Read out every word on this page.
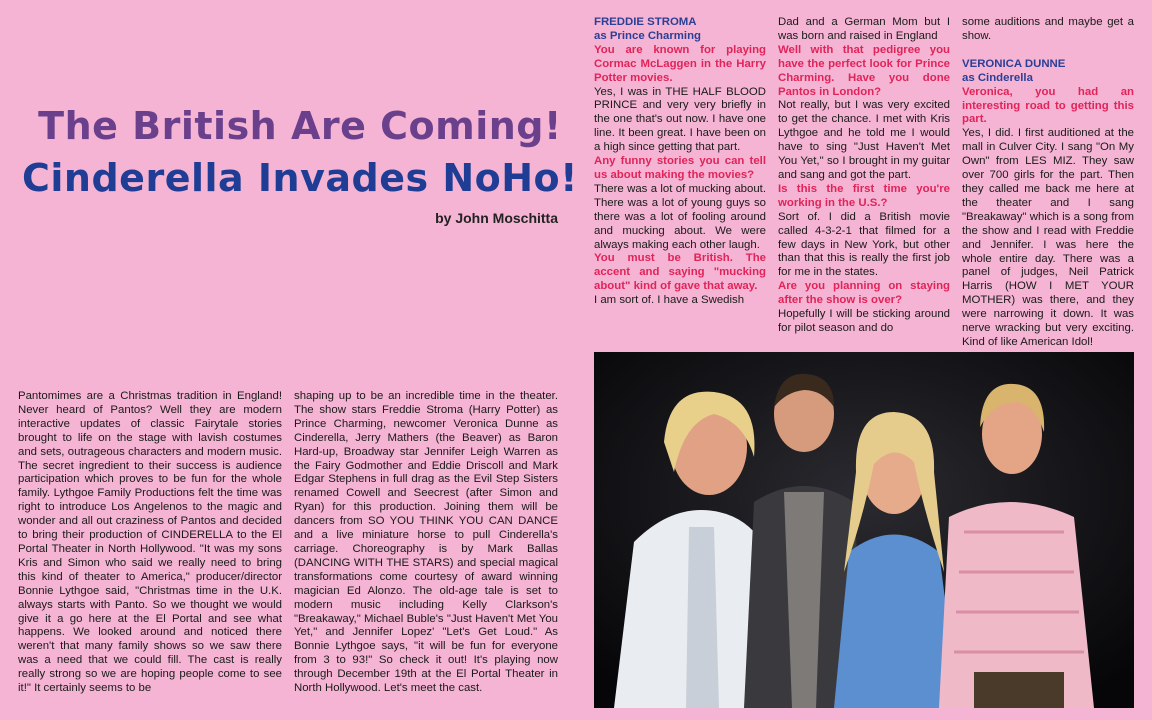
The British Are Coming!
Cinderella Invades NoHo!
by John Moschitta

Pantomimes are a Christmas tradition in England! Never heard of Pantos? Well they are modern interactive updates of classic Fairytale stories brought to life on the stage with lavish costumes and sets, outrageous characters and modern music. The secret ingredient to their success is audience participation which proves to be fun for the whole family. Lythgoe Family Productions felt the time was right to introduce Los Angelenos to the magic and wonder and all out craziness of Pantos and decided to bring their production of CINDERELLA to the El Portal Theater in North Hollywood. "It was my sons Kris and Simon who said we really need to bring this kind of theater to America," producer/director Bonnie Lythgoe said, "Christmas time in the U.K. always starts with Panto. So we thought we would give it a go here at the El Portal and see what happens. We looked around and noticed there weren't that many family shows so we saw there was a need that we could fill. The cast is really really strong so we are hoping people come to see it!" It certainly seems to be

shaping up to be an incredible time in the theater. The show stars Freddie Stroma (Harry Potter) as Prince Charming, newcomer Veronica Dunne as Cinderella, Jerry Mathers (the Beaver) as Baron Hard-up, Broadway star Jennifer Leigh Warren as the Fairy Godmother and Eddie Driscoll and Mark Edgar Stephens in full drag as the Evil Step Sisters renamed Cowell and Seecrest (after Simon and Ryan) for this production. Joining them will be dancers from SO YOU THINK YOU CAN DANCE and a live miniature horse to pull Cinderella's carriage. Choreography is by Mark Ballas (DANCING WITH THE STARS) and special magical transformations come courtesy of award winning magician Ed Alonzo. The old-age tale is set to modern music including Kelly Clarkson's "Breakaway," Michael Buble's "Just Haven't Met You Yet," and Jennifer Lopez' "Let's Get Loud." As Bonnie Lythgoe says, "it will be fun for everyone from 3 to 93!" So check it out! It's playing now through December 19th at the El Portal Theater in North Hollywood. Let's meet the cast.

FREDDIE STROMA
as Prince Charming
You are known for playing Cormac McLaggen in the Harry Potter movies.
Yes, I was in THE HALF BLOOD PRINCE and very very briefly in the one that's out now. I have one line. It been great. I have been on a high since getting that part.
Any funny stories you can tell us about making the movies?
There was a lot of mucking about. There was a lot of young guys so there was a lot of fooling around and mucking about. We were always making each other laugh.
You must be British. The accent and saying "mucking about" kind of gave that away.
I am sort of. I have a Swedish
Dad and a German Mom but I was born and raised in England
Well with that pedigree you have the perfect look for Prince Charming. Have you done Pantos in London?
Not really, but I was very excited to get the chance. I met with Kris Lythgoe and he told me I would have to sing "Just Haven't Met You Yet," so I brought in my guitar and sang and got the part.
Is this the first time you're working in the U.S.?
Sort of. I did a British movie called 4-3-2-1 that filmed for a few days in New York, but other than that this is really the first job for me in the states.
Are you planning on staying after the show is over?
Hopefully I will be sticking around for pilot season and do
some auditions and maybe get a show.
VERONICA DUNNE
as Cinderella
Veronica, you had an interesting road to getting this part.
Yes, I did. I first auditioned at the mall in Culver City. I sang "On My Own" from LES MIZ. They saw over 700 girls for the part. Then they called me back me here at the theater and I sang "Breakaway" which is a song from the show and I read with Freddie and Jennifer. I was here the whole entire day. There was a panel of judges, Neil Patrick Harris (HOW I MET YOUR MOTHER) was there, and they were narrowing it down. It was nerve wracking but very exciting. Kind of like American Idol!
